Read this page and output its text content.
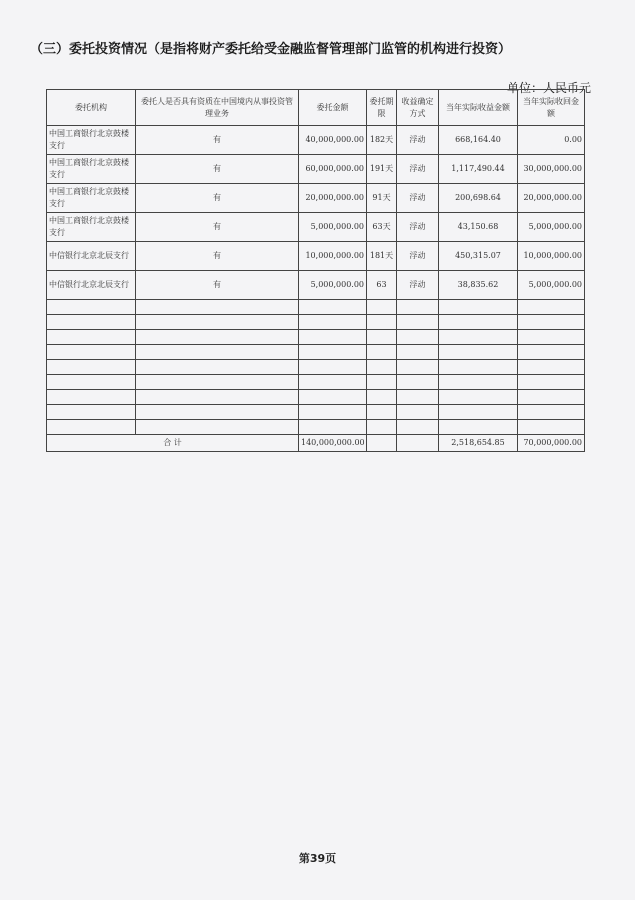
（三）委托投资情况（是指将财产委托给受金融监督管理部门监管的机构进行投资）
单位：人民币元
委托机构	委托人是否具有资质在中国境内从事投资管理业务	委托金额	委托期限	收益确定方式	当年实际收益金额	当年实际收回金额
中国工商银行北京鼓楼支行	有	40,000,000.00	182天	浮动	668,164.40	0.00
中国工商银行北京鼓楼支行	有	60,000,000.00	191天	浮动	1,117,490.44	30,000,000.00
中国工商银行北京鼓楼支行	有	20,000,000.00	91天	浮动	200,698.64	20,000,000.00
中国工商银行北京鼓楼支行	有	5,000,000.00	63天	浮动	43,150.68	5,000,000.00
中信银行北京北辰支行	有	10,000,000.00	181天	浮动	450,315.07	10,000,000.00
中信银行北京北辰支行	有	5,000,000.00	63	浮动	38,835.62	5,000,000.00

合 计		140,000,000.00			2,518,654.85	70,000,000.00
第39页
